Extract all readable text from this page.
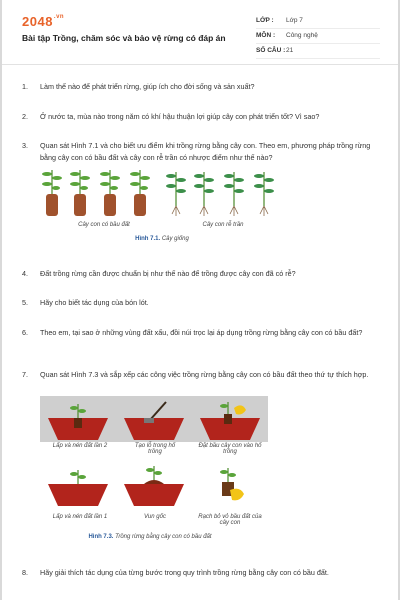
$2048^{.vn}$
Bài tập Trồng, chăm sóc và bảo vệ rừng có đáp án
LỚP : Lớp 7
MÔN : Công nghệ
SỐ CÂU : 21
1. Làm thế nào để phát triển rừng, giúp ích cho đời sống và sản xuất?
2. Ở nước ta, mùa nào trong năm có khí hậu thuận lợi giúp cây con phát triển tốt? Vì sao?
3. Quan sát Hình 7.1 và cho biết ưu điểm khi trồng rừng bằng cây con. Theo em, phương pháp trồng rừng bằng cây con có bầu đất và cây con rễ trần có nhược điểm như thế nào?
Cây con có bầu đất	Cây con rễ trần
Hình 7.1. Cây giống
4. Đất trồng rừng cần được chuẩn bị như thế nào để trồng được cây con đã có rễ?
5. Hãy cho biết tác dụng của bón lót.
6. Theo em, tại sao ở những vùng đất xấu, đồi núi trọc lại áp dụng trồng rừng bằng cây con có bầu đất?
7. Quan sát Hình 7.3 và sắp xếp các công việc trồng rừng bằng cây con có bầu đất theo thứ tự thích hợp.
Lấp và nén đất lần 2	Tạo lỗ trong hố trồng
Đặt bầu cây con vào hố trồng
Lấp và nén đất lần 1	Vun gốc	Rạch bỏ vỏ bầu đất của cây con
Hình 7.3. Trồng rừng bằng cây con có bầu đất
8. Hãy giải thích tác dụng của từng bước trong quy trình trồng rừng bằng cây con có bầu đất.
